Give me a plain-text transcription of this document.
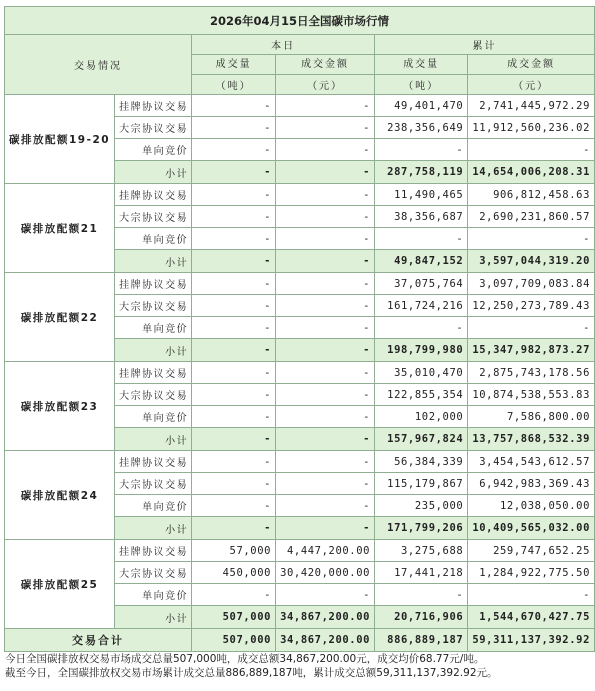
2026年04月15日全国碳市场行情					
交易情况		本日		累计	
		成交量	成交金额	成交量	成交金额
		（吨）	（元）	（吨）	（元）
碳排放配额19-20	挂牌协议交易	-	-	49,401,470	2,741,445,972.29
	大宗协议交易	-	-	238,356,649	11,912,560,236.02
	单向竞价	-	-	-	-
	小计	-	-	287,758,119	14,654,006,208.31
碳排放配额21	挂牌协议交易	-	-	11,490,465	906,812,458.63
	大宗协议交易	-	-	38,356,687	2,690,231,860.57
	单向竞价	-	-	-	-
	小计	-	-	49,847,152	3,597,044,319.20
碳排放配额22	挂牌协议交易	-	-	37,075,764	3,097,709,083.84
	大宗协议交易	-	-	161,724,216	12,250,273,789.43
	单向竞价	-	-	-	-
	小计	-	-	198,799,980	15,347,982,873.27
碳排放配额23	挂牌协议交易	-	-	35,010,470	2,875,743,178.56
	大宗协议交易	-	-	122,855,354	10,874,538,553.83
	单向竞价	-	-	102,000	7,586,800.00
	小计	-	-	157,967,824	13,757,868,532.39
碳排放配额24	挂牌协议交易	-	-	56,384,339	3,454,543,612.57
	大宗协议交易	-	-	115,179,867	6,942,983,369.43
	单向竞价	-	-	235,000	12,038,050.00
	小计	-	-	171,799,206	10,409,565,032.00
碳排放配额25	挂牌协议交易	57,000	4,447,200.00	3,275,688	259,747,652.25
	大宗协议交易	450,000	30,420,000.00	17,441,218	1,284,922,775.50
	单向竞价	-	-	-	-
	小计	507,000	34,867,200.00	20,716,906	1,544,670,427.75
交易合计		507,000	34,867,200.00	886,889,187	59,311,137,392.92
今日全国碳排放权交易市场成交总量507,000吨，成交总额34,867,200.00元，成交均价68.77元/吨。
截至今日，全国碳排放权交易市场累计成交总量886,889,187吨，累计成交总额59,311,137,392.92元。
